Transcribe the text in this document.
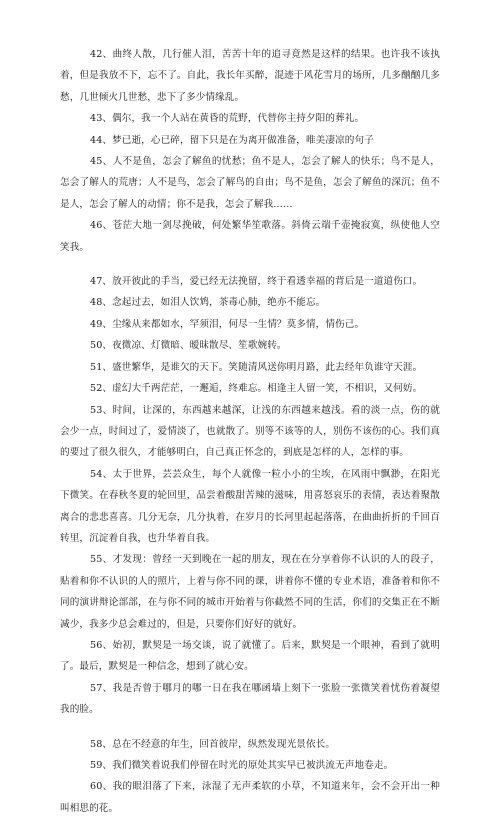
42、曲终人散，几行催人泪，苦苦十年的追寻竟然是这样的结果。也许我不该执着，但是我放不下，忘不了。自此，我长年买醉，混迹于风花雪月的场所，几多酗酗几多愁，几世倾火几世愁，悲下了多少情缘乱。

43、偶尔，我一个人站在黄昏的荒野，代替你主持夕阳的葬礼。

44、梦已逝，心已碎，留下只是在为离开做准备，唯美凄凉的句子

45、人不是鱼，怎会了解鱼的忧愁；鱼不是人，怎会了解人的快乐；鸟不是人，怎会了解人的荒唐；人不是鸟，怎会了解鸟的自由；鸟不是鱼，怎会了解鱼的深沉；鱼不是人，怎会了解人的动情；你不是我，怎会了解我……

46、苍茫大地一剑尽挽破，何处繁华笙歌落。斜倚云端千壶掩寂寞，纵使他人空笑我。

47、放开彼此的手当，爱已经无法挽留，终于看透幸福的背后是一道道伤口。

48、念起过去，如泪人饮鸩，茶毒心肺，绝亦不能忘。

49、尘缘从来都如水，罕须泪，何尽一生情？莫多情，情伤己。

50、夜微凉、灯微暗、暧昧散尽、笙歌婉转。

51、盛世繁华，是谁欠的天下。笑随清风送你明月路，此去经年负谁守天涯。

52、虚幻大千两茫茫，一邂逅，终难忘。相逢主人留一笑，不相识，又何妨。

53、时间，让深的，东西越来越深，让浅的东西越来越浅。看的淡一点，伤的就会少一点，时间过了，爱情淡了，也就散了。别等不该等的人，别伤不该伤的心。我们真的要过了很久很久，才能够明白，自己真正怀念的，到底是怎样的人，怎样的事。

54、太于世界，芸芸众生，每个人就像一粒小小的尘埃，在风雨中飘渺，在阳光下微笑。在春秋冬夏的轮回里，品尝着酸甜苦辣的滋味，用喜怒哀乐的表情，表达着聚散离合的悲悲喜喜。几分无奈，几分执着，在岁月的长河里起起落落，在曲曲折折的千回百转里，沉淀着自我，也升华着自我。

55、才发现：曾经一天到晚在一起的朋友，现在在分享着你不认识的人的段子，贴着和你不认识的人的照片，上着与你不同的课，讲着你不懂的专业术语，准备着和你不同的演讲辩论部部，在与你不同的城市开始着与你截然不同的生活，你们的交集正在不断减少，我多少总会难过的，但是，只要你们好好的就好。

56、始初，默契是一场交谈，说了就懂了。后来，默契是一个眼神，看到了就明了。最后，默契是一种信念，想到了就心安。

57、我是否曾于哪月的哪一日在我在哪函墙上刻下一张脸一张微笑着忧伤着凝望我的脸。

58、总在不经意的年生，回首彼岸，纵然发现光景依长。

59、我们微笑着说我们停留在时光的原处其实早已被洪流无声地卷走。

60、我的眼泪落了下来，泳湿了无声柔软的小草，不知道来年，会不会开出一种叫相思的花。
